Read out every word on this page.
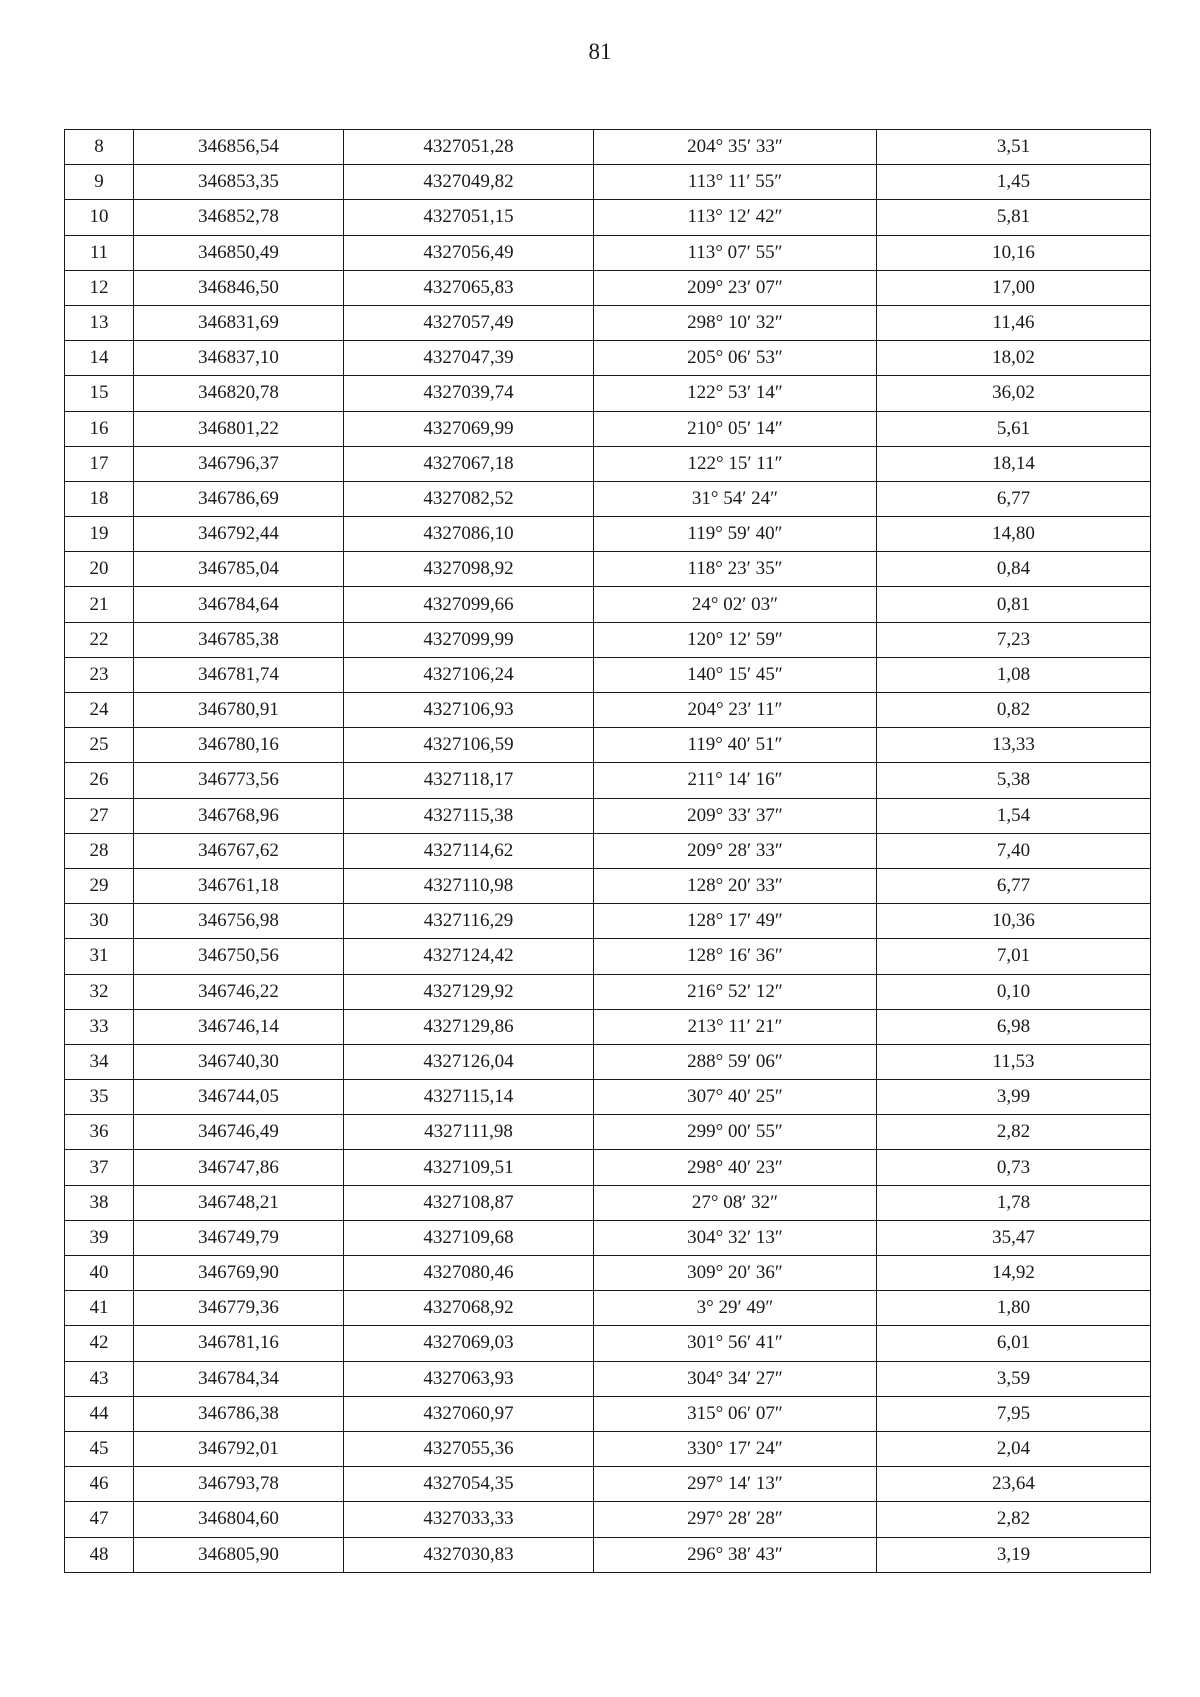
81
8	346856,54	4327051,28	204° 35′ 33″	3,51
9	346853,35	4327049,82	113° 11′ 55″	1,45
10	346852,78	4327051,15	113° 12′ 42″	5,81
11	346850,49	4327056,49	113° 07′ 55″	10,16
12	346846,50	4327065,83	209° 23′ 07″	17,00
13	346831,69	4327057,49	298° 10′ 32″	11,46
14	346837,10	4327047,39	205° 06′ 53″	18,02
15	346820,78	4327039,74	122° 53′ 14″	36,02
16	346801,22	4327069,99	210° 05′ 14″	5,61
17	346796,37	4327067,18	122° 15′ 11″	18,14
18	346786,69	4327082,52	31° 54′ 24″	6,77
19	346792,44	4327086,10	119° 59′ 40″	14,80
20	346785,04	4327098,92	118° 23′ 35″	0,84
21	346784,64	4327099,66	24° 02′ 03″	0,81
22	346785,38	4327099,99	120° 12′ 59″	7,23
23	346781,74	4327106,24	140° 15′ 45″	1,08
24	346780,91	4327106,93	204° 23′ 11″	0,82
25	346780,16	4327106,59	119° 40′ 51″	13,33
26	346773,56	4327118,17	211° 14′ 16″	5,38
27	346768,96	4327115,38	209° 33′ 37″	1,54
28	346767,62	4327114,62	209° 28′ 33″	7,40
29	346761,18	4327110,98	128° 20′ 33″	6,77
30	346756,98	4327116,29	128° 17′ 49″	10,36
31	346750,56	4327124,42	128° 16′ 36″	7,01
32	346746,22	4327129,92	216° 52′ 12″	0,10
33	346746,14	4327129,86	213° 11′ 21″	6,98
34	346740,30	4327126,04	288° 59′ 06″	11,53
35	346744,05	4327115,14	307° 40′ 25″	3,99
36	346746,49	4327111,98	299° 00′ 55″	2,82
37	346747,86	4327109,51	298° 40′ 23″	0,73
38	346748,21	4327108,87	27° 08′ 32″	1,78
39	346749,79	4327109,68	304° 32′ 13″	35,47
40	346769,90	4327080,46	309° 20′ 36″	14,92
41	346779,36	4327068,92	3° 29′ 49″	1,80
42	346781,16	4327069,03	301° 56′ 41″	6,01
43	346784,34	4327063,93	304° 34′ 27″	3,59
44	346786,38	4327060,97	315° 06′ 07″	7,95
45	346792,01	4327055,36	330° 17′ 24″	2,04
46	346793,78	4327054,35	297° 14′ 13″	23,64
47	346804,60	4327033,33	297° 28′ 28″	2,82
48	346805,90	4327030,83	296° 38′ 43″	3,19
